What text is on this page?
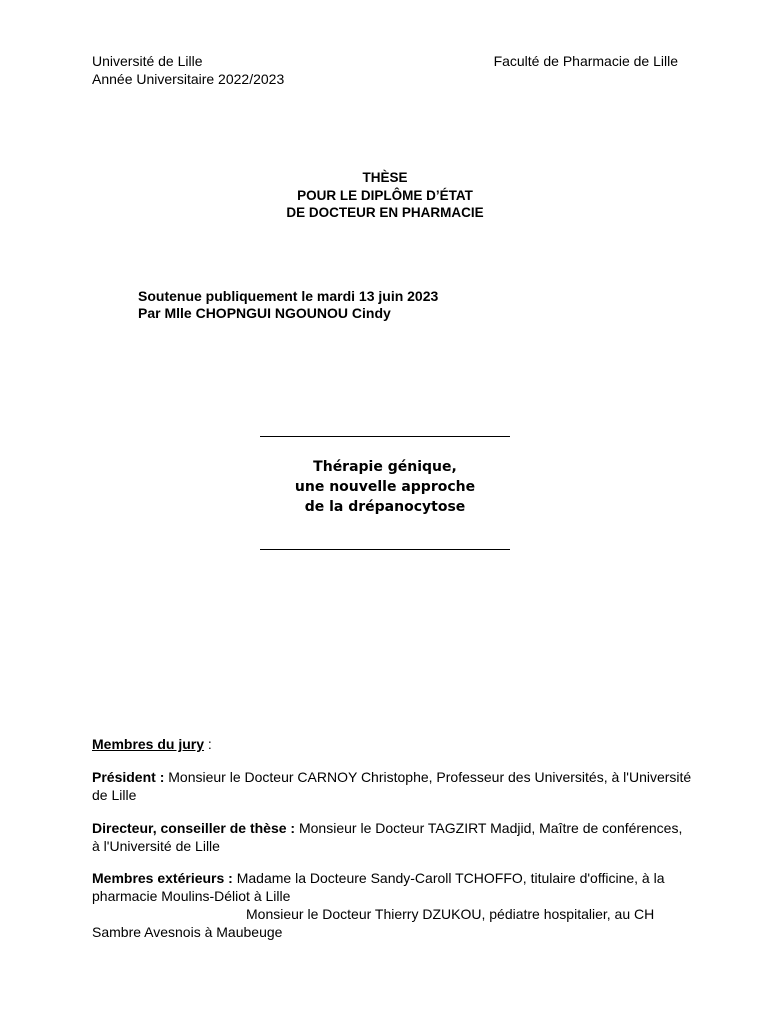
Université de Lille
Année Universitaire 2022/2023
Faculté de Pharmacie de Lille
THÈSE
POUR LE DIPLÔME D’ÉTAT
DE DOCTEUR EN PHARMACIE
Soutenue publiquement le mardi 13 juin 2023
Par Mlle CHOPNGUI NGOUNOU Cindy
Thérapie génique,
une nouvelle approche
de la drépanocytose
Membres du jury :
Président : Monsieur le Docteur CARNOY Christophe, Professeur des Universités, à l'Université de Lille
Directeur, conseiller de thèse : Monsieur le Docteur TAGZIRT Madjid, Maître de conférences, à l'Université de Lille
Membres extérieurs : Madame la Docteure Sandy-Caroll TCHOFFO, titulaire d'officine, à la pharmacie Moulins-Déliot à Lille
Monsieur le Docteur Thierry DZUKOU, pédiatre hospitalier, au CH Sambre Avesnois à Maubeuge
